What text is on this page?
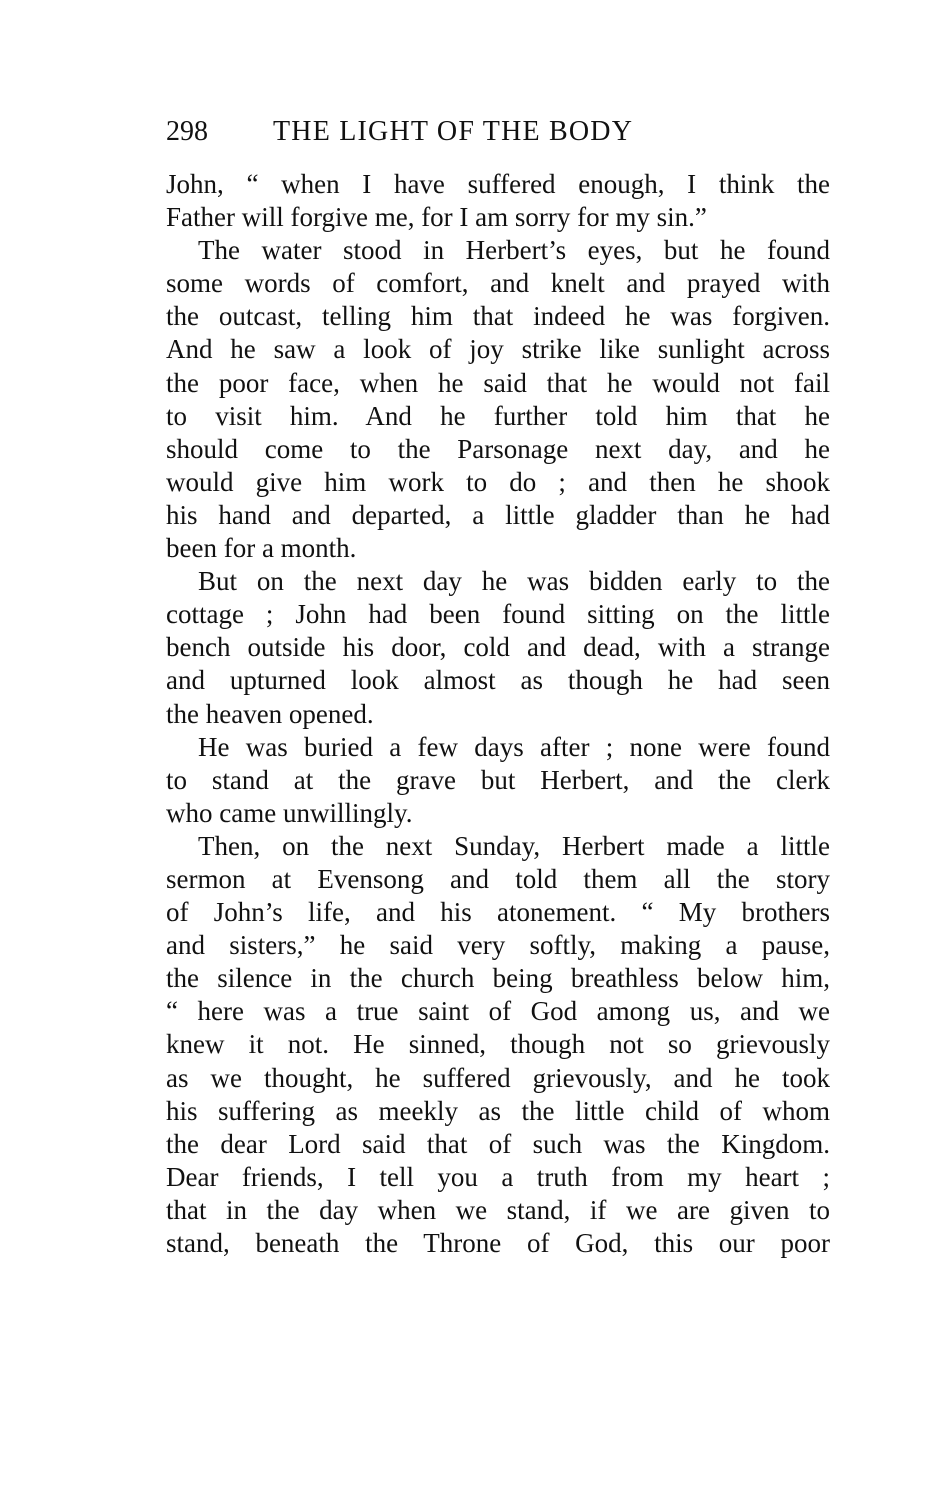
298 THE LIGHT OF THE BODY
John, “ when I have suffered enough, I think the
Father will forgive me, for I am sorry for my sin.”
The water stood in Herbert’s eyes, but he found
some words of comfort, and knelt and prayed with
the outcast, telling him that indeed he was forgiven.
And he saw a look of joy strike like sunlight across
the poor face, when he said that he would not fail
to visit him. And he further told him that he
should come to the Parsonage next day, and he
would give him work to do ; and then he shook
his hand and departed, a little gladder than he had
been for a month.
But on the next day he was bidden early to the
cottage ; John had been found sitting on the little
bench outside his door, cold and dead, with a strange
and upturned look almost as though he had seen
the heaven opened.
He was buried a few days after ; none were found
to stand at the grave but Herbert, and the clerk
who came unwillingly.
Then, on the next Sunday, Herbert made a little
sermon at Evensong and told them all the story
of John’s life, and his atonement. “ My brothers
and sisters,” he said very softly, making a pause,
the silence in the church being breathless below him,
“ here was a true saint of God among us, and we
knew it not. He sinned, though not so grievously
as we thought, he suffered grievously, and he took
his suffering as meekly as the little child of whom
the dear Lord said that of such was the Kingdom.
Dear friends, I tell you a truth from my heart ;
that in the day when we stand, if we are given to
stand, beneath the Throne of God, this our poor
